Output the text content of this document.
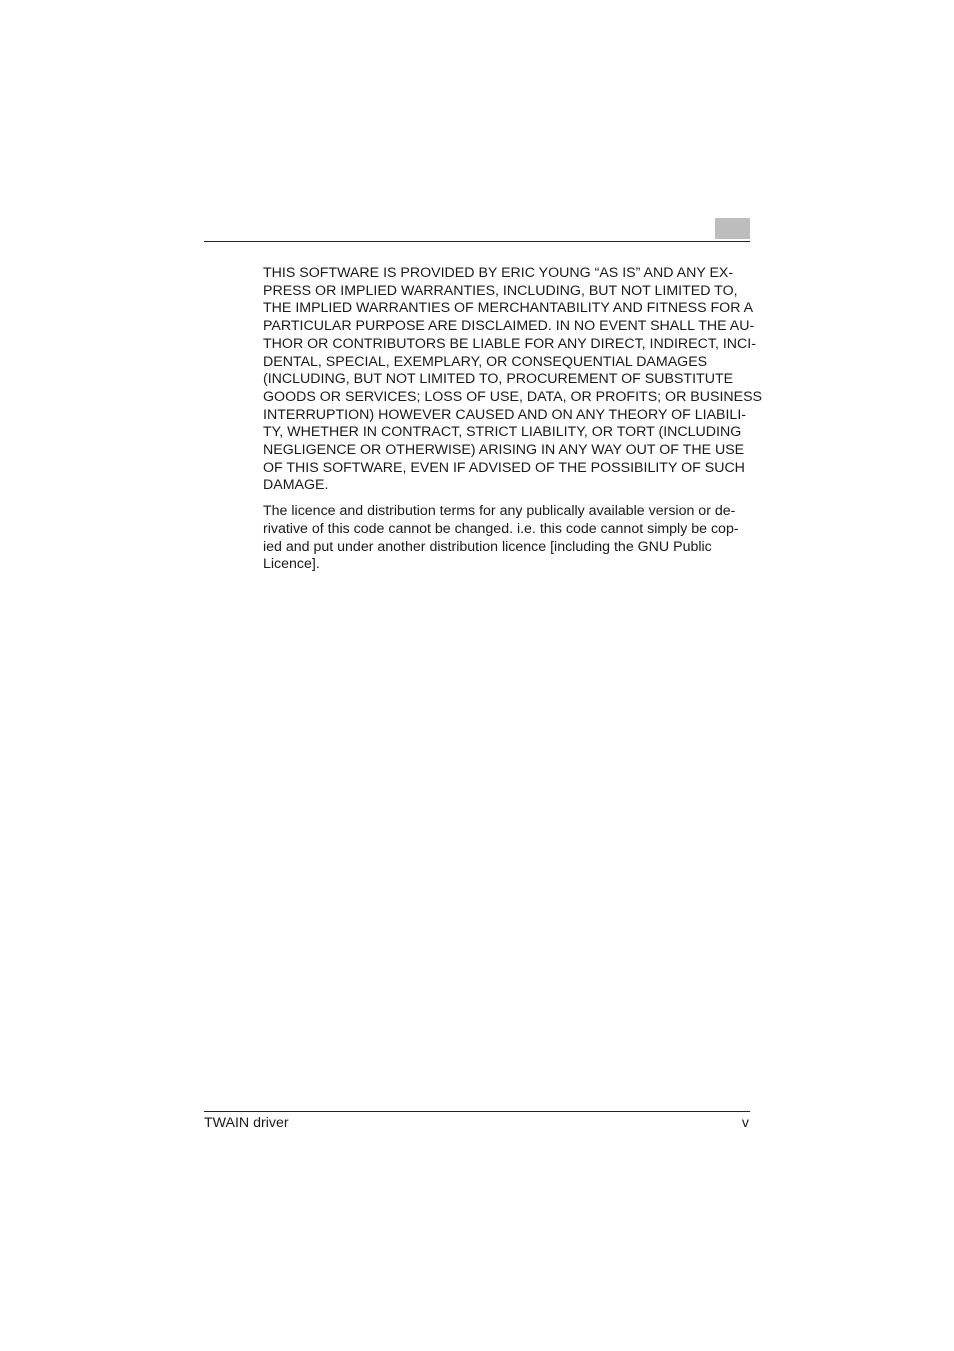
THIS SOFTWARE IS PROVIDED BY ERIC YOUNG “AS IS” AND ANY EX-
PRESS OR IMPLIED WARRANTIES, INCLUDING, BUT NOT LIMITED TO,
THE IMPLIED WARRANTIES OF MERCHANTABILITY AND FITNESS FOR A
PARTICULAR PURPOSE ARE DISCLAIMED. IN NO EVENT SHALL THE AU-
THOR OR CONTRIBUTORS BE LIABLE FOR ANY DIRECT, INDIRECT, INCI-
DENTAL, SPECIAL, EXEMPLARY, OR CONSEQUENTIAL DAMAGES
(INCLUDING, BUT NOT LIMITED TO, PROCUREMENT OF SUBSTITUTE
GOODS OR SERVICES; LOSS OF USE, DATA, OR PROFITS; OR BUSINESS
INTERRUPTION) HOWEVER CAUSED AND ON ANY THEORY OF LIABILI-
TY, WHETHER IN CONTRACT, STRICT LIABILITY, OR TORT (INCLUDING
NEGLIGENCE OR OTHERWISE) ARISING IN ANY WAY OUT OF THE USE
OF THIS SOFTWARE, EVEN IF ADVISED OF THE POSSIBILITY OF SUCH
DAMAGE.

The licence and distribution terms for any publically available version or de-
rivative of this code cannot be changed. i.e. this code cannot simply be cop-
ied and put under another distribution licence [including the GNU Public
Licence].

TWAIN driver	v
